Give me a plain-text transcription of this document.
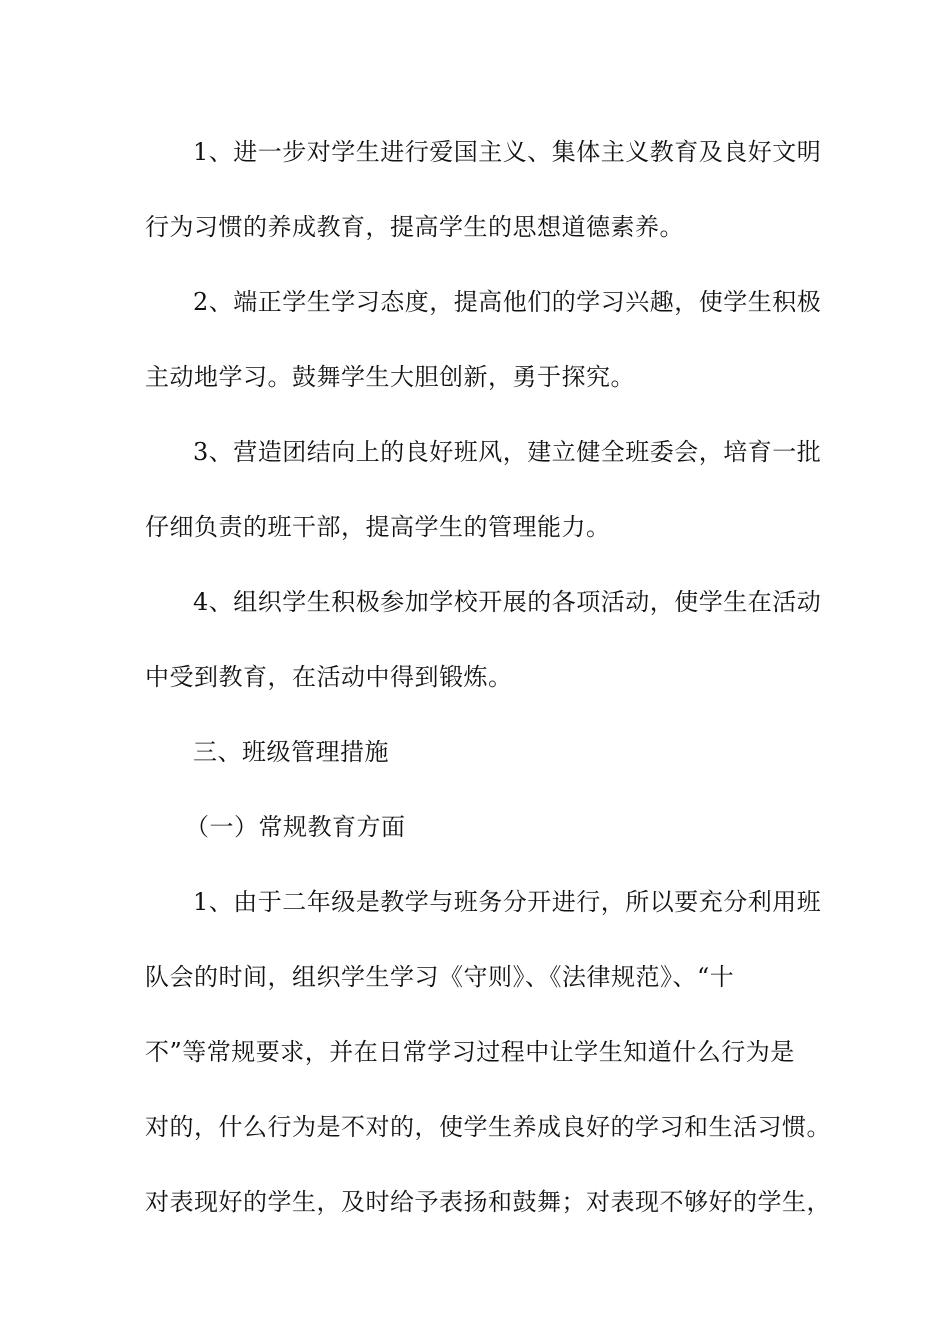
1、进一步对学生进行爱国主义、集体主义教育及良好文明
行为习惯的养成教育，提高学生的思想道德素养。
2、端正学生学习态度，提高他们的学习兴趣，使学生积极
主动地学习。鼓舞学生大胆创新，勇于探究。
3、营造团结向上的良好班风，建立健全班委会，培育一批
仔细负责的班干部，提高学生的管理能力。
4、组织学生积极参加学校开展的各项活动，使学生在活动
中受到教育，在活动中得到锻炼。
三、班级管理措施
（一）常规教育方面
1、由于二年级是教学与班务分开进行，所以要充分利用班
队会的时间，组织学生学习《守则》、《法律规范》、“十
不”等常规要求，并在日常学习过程中让学生知道什么行为是
对的，什么行为是不对的，使学生养成良好的学习和生活习惯。
对表现好的学生，及时给予表扬和鼓舞；对表现不够好的学生，
